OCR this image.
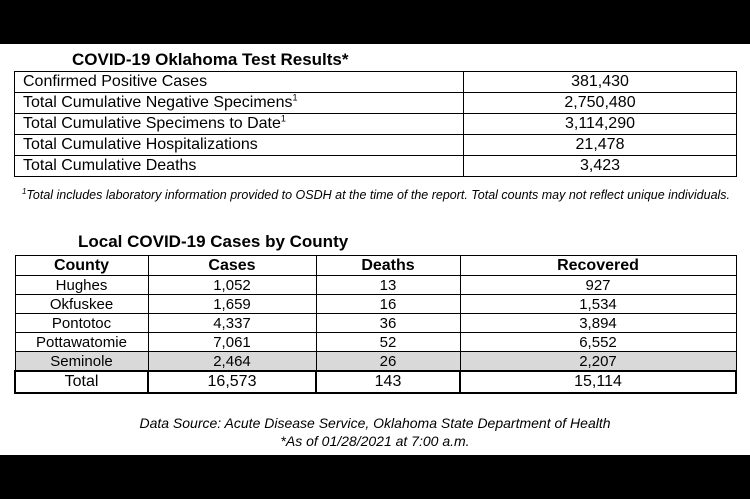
COVID-19 Oklahoma Test Results*
Confirmed Positive Cases	381,430
Total Cumulative Negative Specimens$^1$	2,750,480
Total Cumulative Specimens to Date$^1$	3,114,290
Total Cumulative Hospitalizations	21,478
Total Cumulative Deaths	3,423
$^1$Total includes laboratory information provided to OSDH at the time of the report. Total counts may not reflect unique individuals.
Local COVID-19 Cases by County
County	Cases	Deaths	Recovered
Hughes	1,052	13	927
Okfuskee	1,659	16	1,534
Pontotoc	4,337	36	3,894
Pottawatomie	7,061	52	6,552
Seminole	2,464	26	2,207
Total	16,573	143	15,114
Data Source: Acute Disease Service, Oklahoma State Department of Health
*As of 01/28/2021 at 7:00 a.m.
